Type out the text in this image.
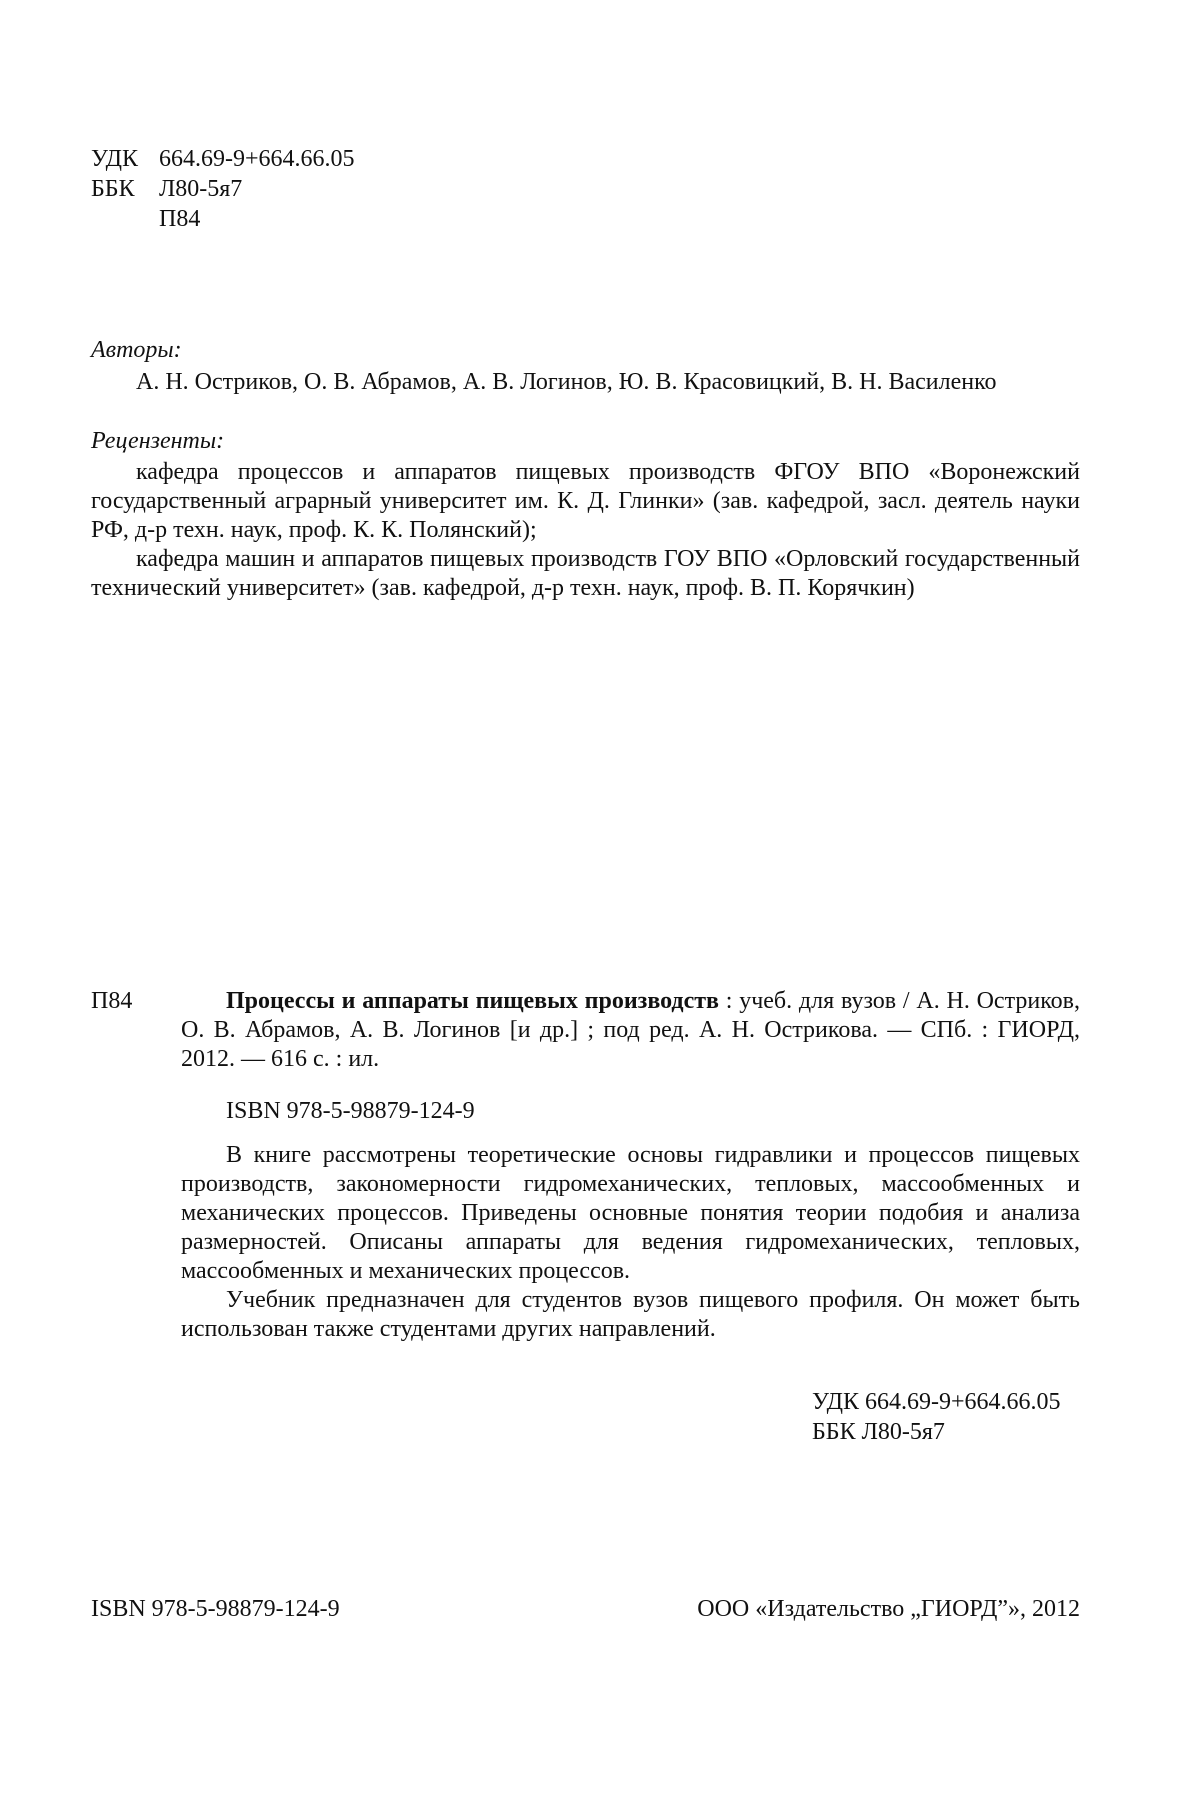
УДК 664.69-9+664.66.05
ББК	Л80-5я7
П84
Авторы:
А. Н. Остриков, О. В. Абрамов, А. В. Логинов, Ю. В. Красовицкий, В. Н. Василенко
Рецензенты:

кафедра процессов и аппаратов пищевых производств ФГОУ ВПО «Воронежский государственный аграрный университет им. К. Д. Глинки» (зав. кафедрой, засл. деятель науки РФ, д-р техн. наук, проф. К. К. Полянский);

кафедра машин и аппаратов пищевых производств ГОУ ВПО «Орловский государственный технический университет» (зав. кафедрой, д-р техн. наук, проф. В. П. Корячкин)

П84	Процессы и аппараты пищевых производств : учеб. для вузов / А. Н. Остриков, О. В. Абрамов, А. В. Логинов [и др.] ; под ред. А. Н. Острикова. — СПб. : ГИОРД, 2012. — 616 с. : ил.

ISBN 978-5-98879-124-9

В книге рассмотрены теоретические основы гидравлики и процессов пищевых производств, закономерности гидромеханических, тепловых, массообменных и механических процессов. Приведены основные понятия теории подобия и анализа размерностей. Описаны аппараты для ведения гидромеханических, тепловых, массообменных и механических процессов.

Учебник предназначен для студентов вузов пищевого профиля. Он может быть использован также студентами других направлений.

УДК 664.69-9+664.66.05
ББК Л80-5я7
ISBN 978-5-98879-124-9	ООО «Издательство „ГИОРД”», 2012
